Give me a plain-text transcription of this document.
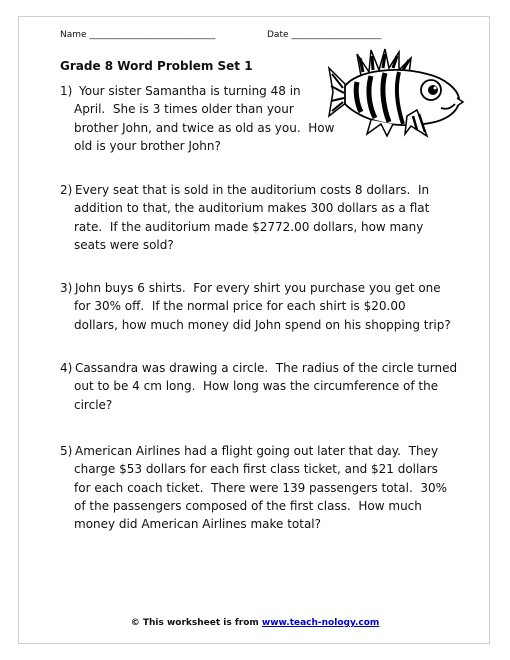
Name ____________________________	Date ____________________
Grade 8 Word Problem Set 1
1) Your sister Samantha is turning 48 in
April.  She is 3 times older than your
brother John, and twice as old as you.  How
old is your brother John?
2) Every seat that is sold in the auditorium costs 8 dollars.  In
addition to that, the auditorium makes 300 dollars as a flat
rate.  If the auditorium made $2772.00 dollars, how many
seats were sold?
3) John buys 6 shirts.  For every shirt you purchase you get one
for 30% off.  If the normal price for each shirt is $20.00
dollars, how much money did John spend on his shopping trip?
4) Cassandra was drawing a circle.  The radius of the circle turned
out to be 4 cm long.  How long was the circumference of the
circle?
5) American Airlines had a flight going out later that day.  They
charge $53 dollars for each first class ticket, and $21 dollars
for each coach ticket.  There were 139 passengers total.  30%
of the passengers composed of the first class.  How much
money did American Airlines make total?
© This worksheet is from www.teach-nology.com
